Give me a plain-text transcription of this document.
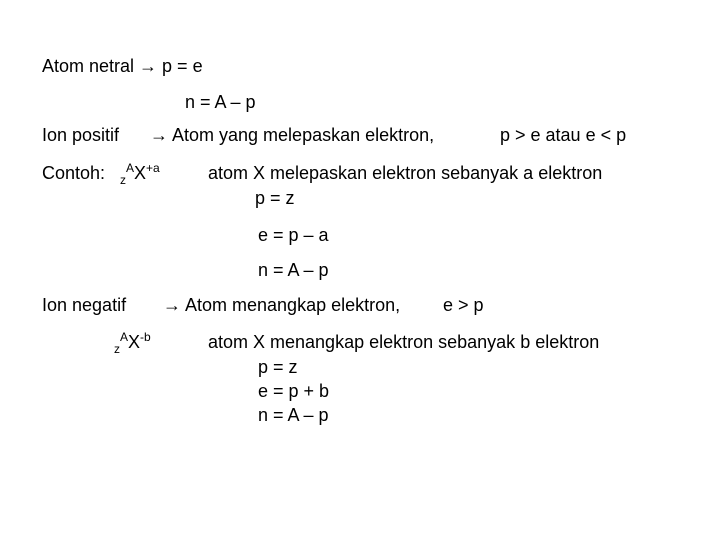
Atom netral → p = e
n = A – p
Ion positif → Atom yang melepaskan elektron,	p > e atau e < p
Contoh: $_z^AX^{+a}$	atom X melepaskan elektron sebanyak a elektron
p = z
e = p – a
n = A – p
Ion negatif → Atom menangkap elektron, e > p
$_z^AX^{-b}$	atom X menangkap elektron sebanyak b elektron
p = z
e = p + b
n = A – p
